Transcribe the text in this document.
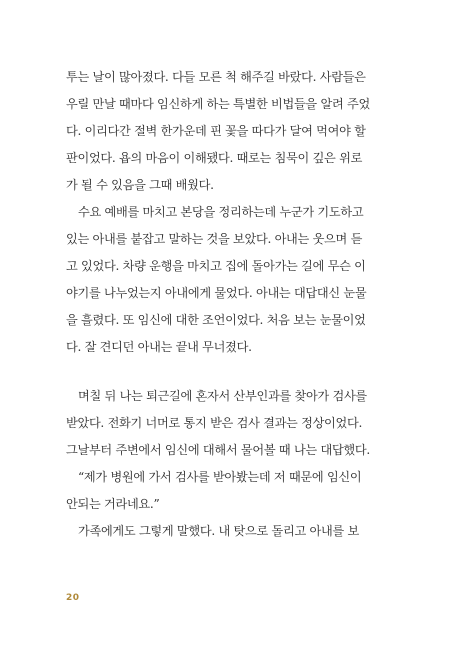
투는 날이 많아졌다. 다들 모른 척 해주길 바랐다. 사람들은
우릴 만날 때마다 임신하게 하는 특별한 비법들을 알려 주었
다. 이리다간 절벽 한가운데 핀 꽃을 따다가 달여 먹여야 할
판이었다. 욥의 마음이 이해됐다. 때로는 침묵이 깊은 위로
가 될 수 있음을 그때 배웠다.
수요 예배를 마치고 본당을 정리하는데 누군가 기도하고
있는 아내를 붙잡고 말하는 것을 보았다. 아내는 웃으며 듣
고 있었다. 차량 운행을 마치고 집에 돌아가는 길에 무슨 이
야기를 나누었는지 아내에게 물었다. 아내는 대답대신 눈물
을 흘렸다. 또 임신에 대한 조언이었다. 처음 보는 눈물이었
다. 잘 견디던 아내는 끝내 무너졌다.
며칠 뒤 나는 퇴근길에 혼자서 산부인과를 찾아가 검사를
받았다. 전화기 너머로 통지 받은 검사 결과는 정상이었다.
그날부터 주변에서 임신에 대해서 물어볼 때 나는 대답했다.
“제가 병원에 가서 검사를 받아봤는데 저 때문에 임신이
안되는 거라네요.”
가족에게도 그렇게 말했다. 내 탓으로 돌리고 아내를 보
20
